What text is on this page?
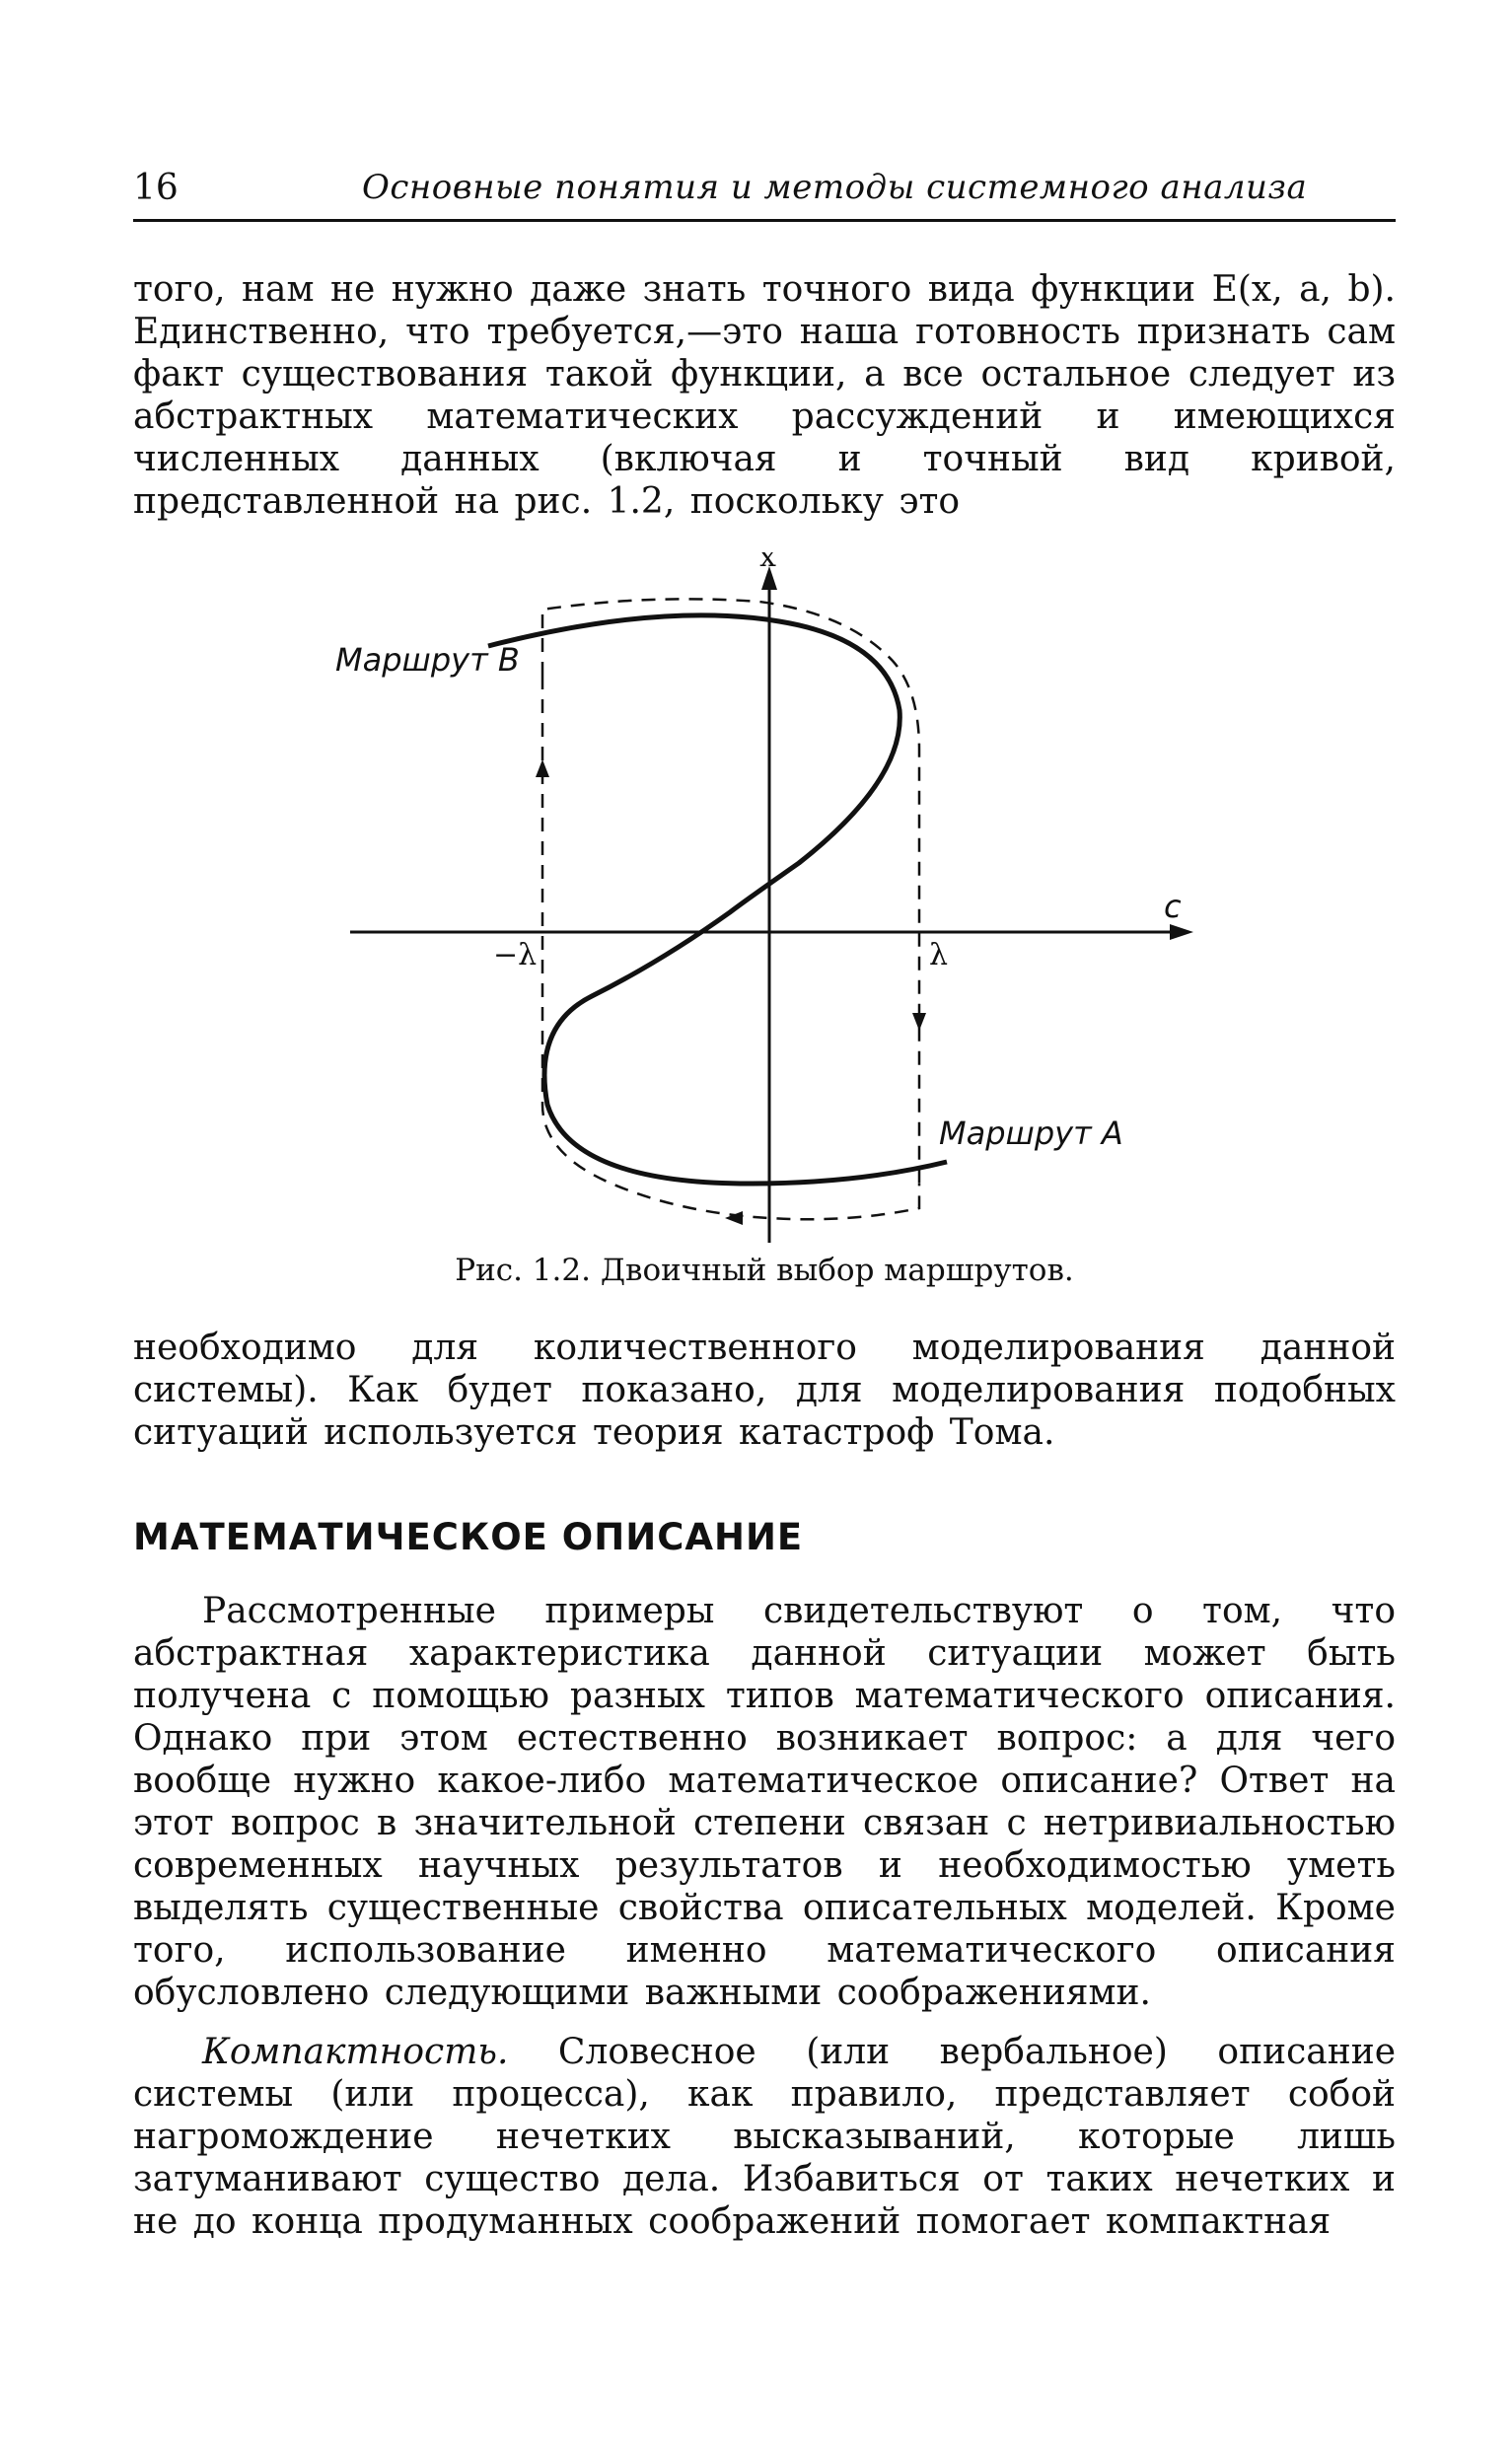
16	Основные понятия и методы системного анализа
того, нам не нужно даже знать точного вида функции E(x, a, b). Единственно, что требуется,—это наша готовность признать сам факт существования такой функции, а все остальное следует из абстрактных математических рассуждений и имеющихся численных данных (включая и точный вид кривой, представленной на рис. 1.2, поскольку это
x
c
Маршрут B
Маршрут A
−λ	λ
Рис. 1.2. Двоичный выбор маршрутов.
необходимо для количественного моделирования данной системы). Как будет показано, для моделирования подобных ситуаций используется теория катастроф Тома.
МАТЕМАТИЧЕСКОЕ ОПИСАНИЕ
Рассмотренные примеры свидетельствуют о том, что абстрактная характеристика данной ситуации может быть получена с помощью разных типов математического описания. Однако при этом естественно возникает вопрос: а для чего вообще нужно какое-либо математическое описание? Ответ на этот вопрос в значительной степени связан с нетривиальностью современных научных результатов и необходимостью уметь выделять существенные свойства описательных моделей. Кроме того, использование именно математического описания обусловлено следующими важными соображениями.
Компактность. Словесное (или вербальное) описание системы (или процесса), как правило, представляет собой нагромождение нечетких высказываний, которые лишь затуманивают существо дела. Избавиться от таких нечетких и не до конца продуманных соображений помогает компактная
